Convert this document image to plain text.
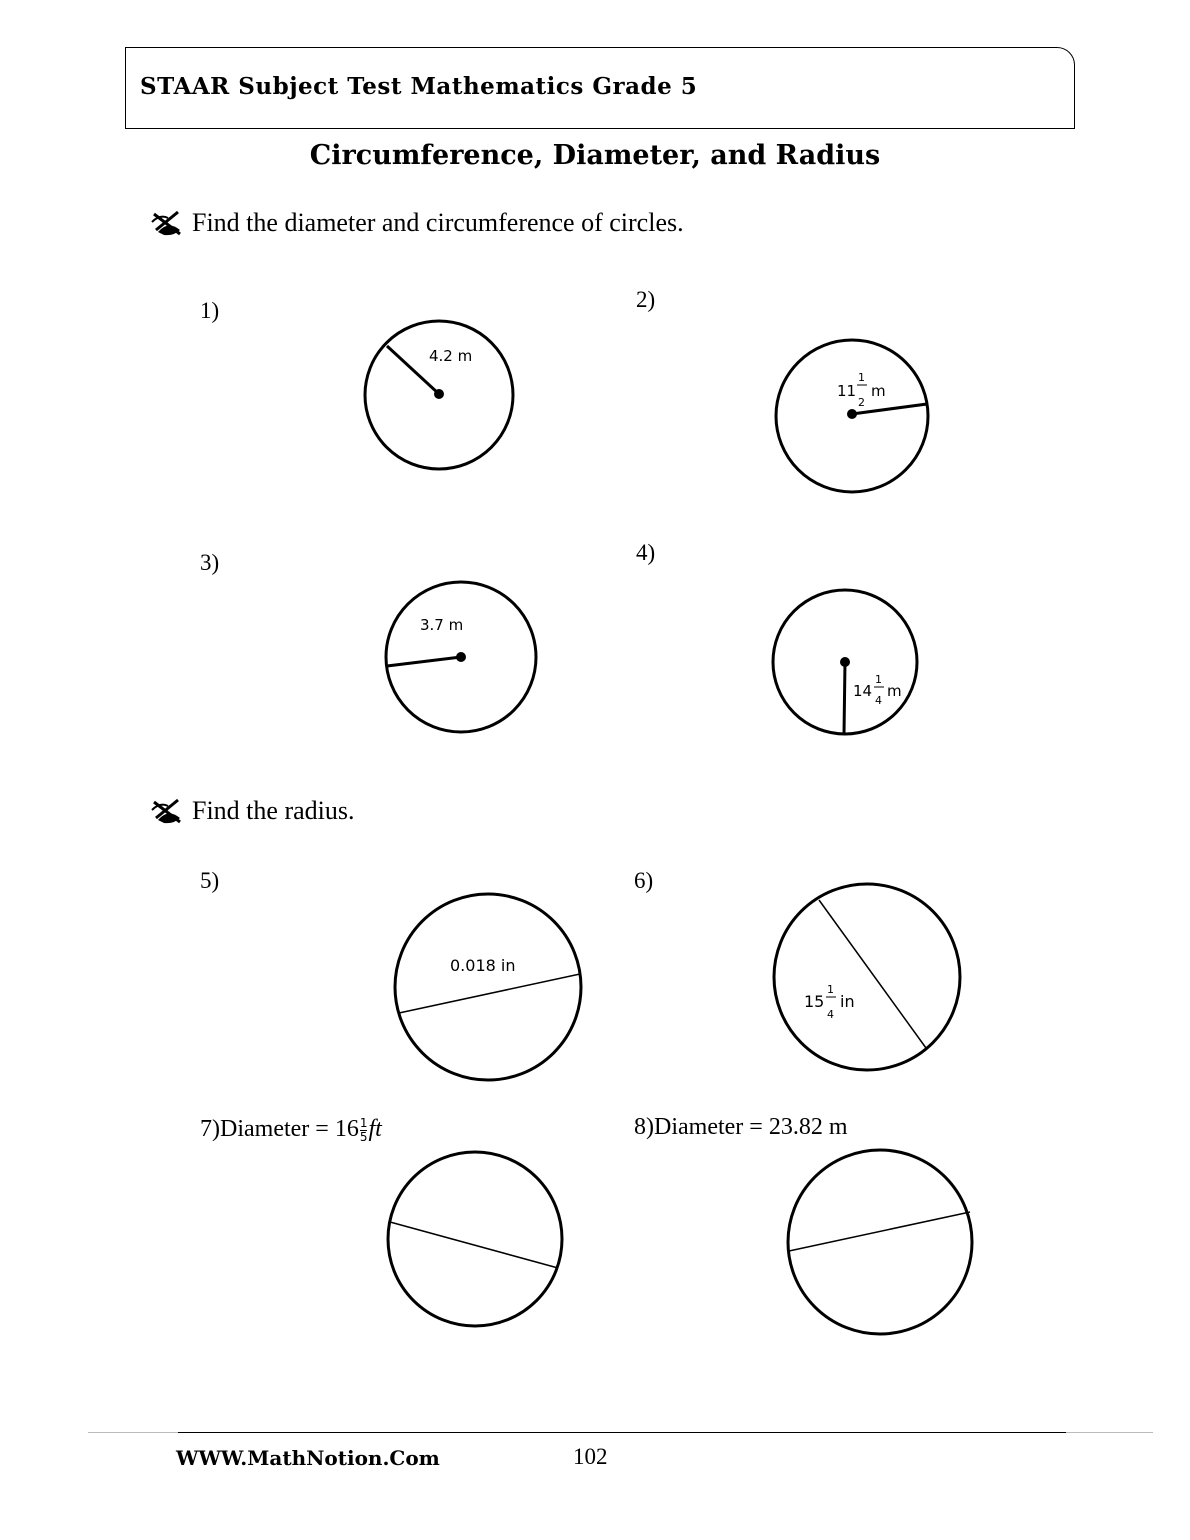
STAAR Subject Test Mathematics Grade 5
Circumference, Diameter, and Radius
Find the diameter and circumference of circles.
Find the radius.
1)	2)
3)	4)
5)	6)
7)Diameter = $16 \frac{1}{5}$ ft	8)Diameter = 23.82 m
4.2 m
11
1
2
m
3.7 m
14
1
4
m
0.018 in
15
1
4
in
WWW.MathNotion.Com	102
